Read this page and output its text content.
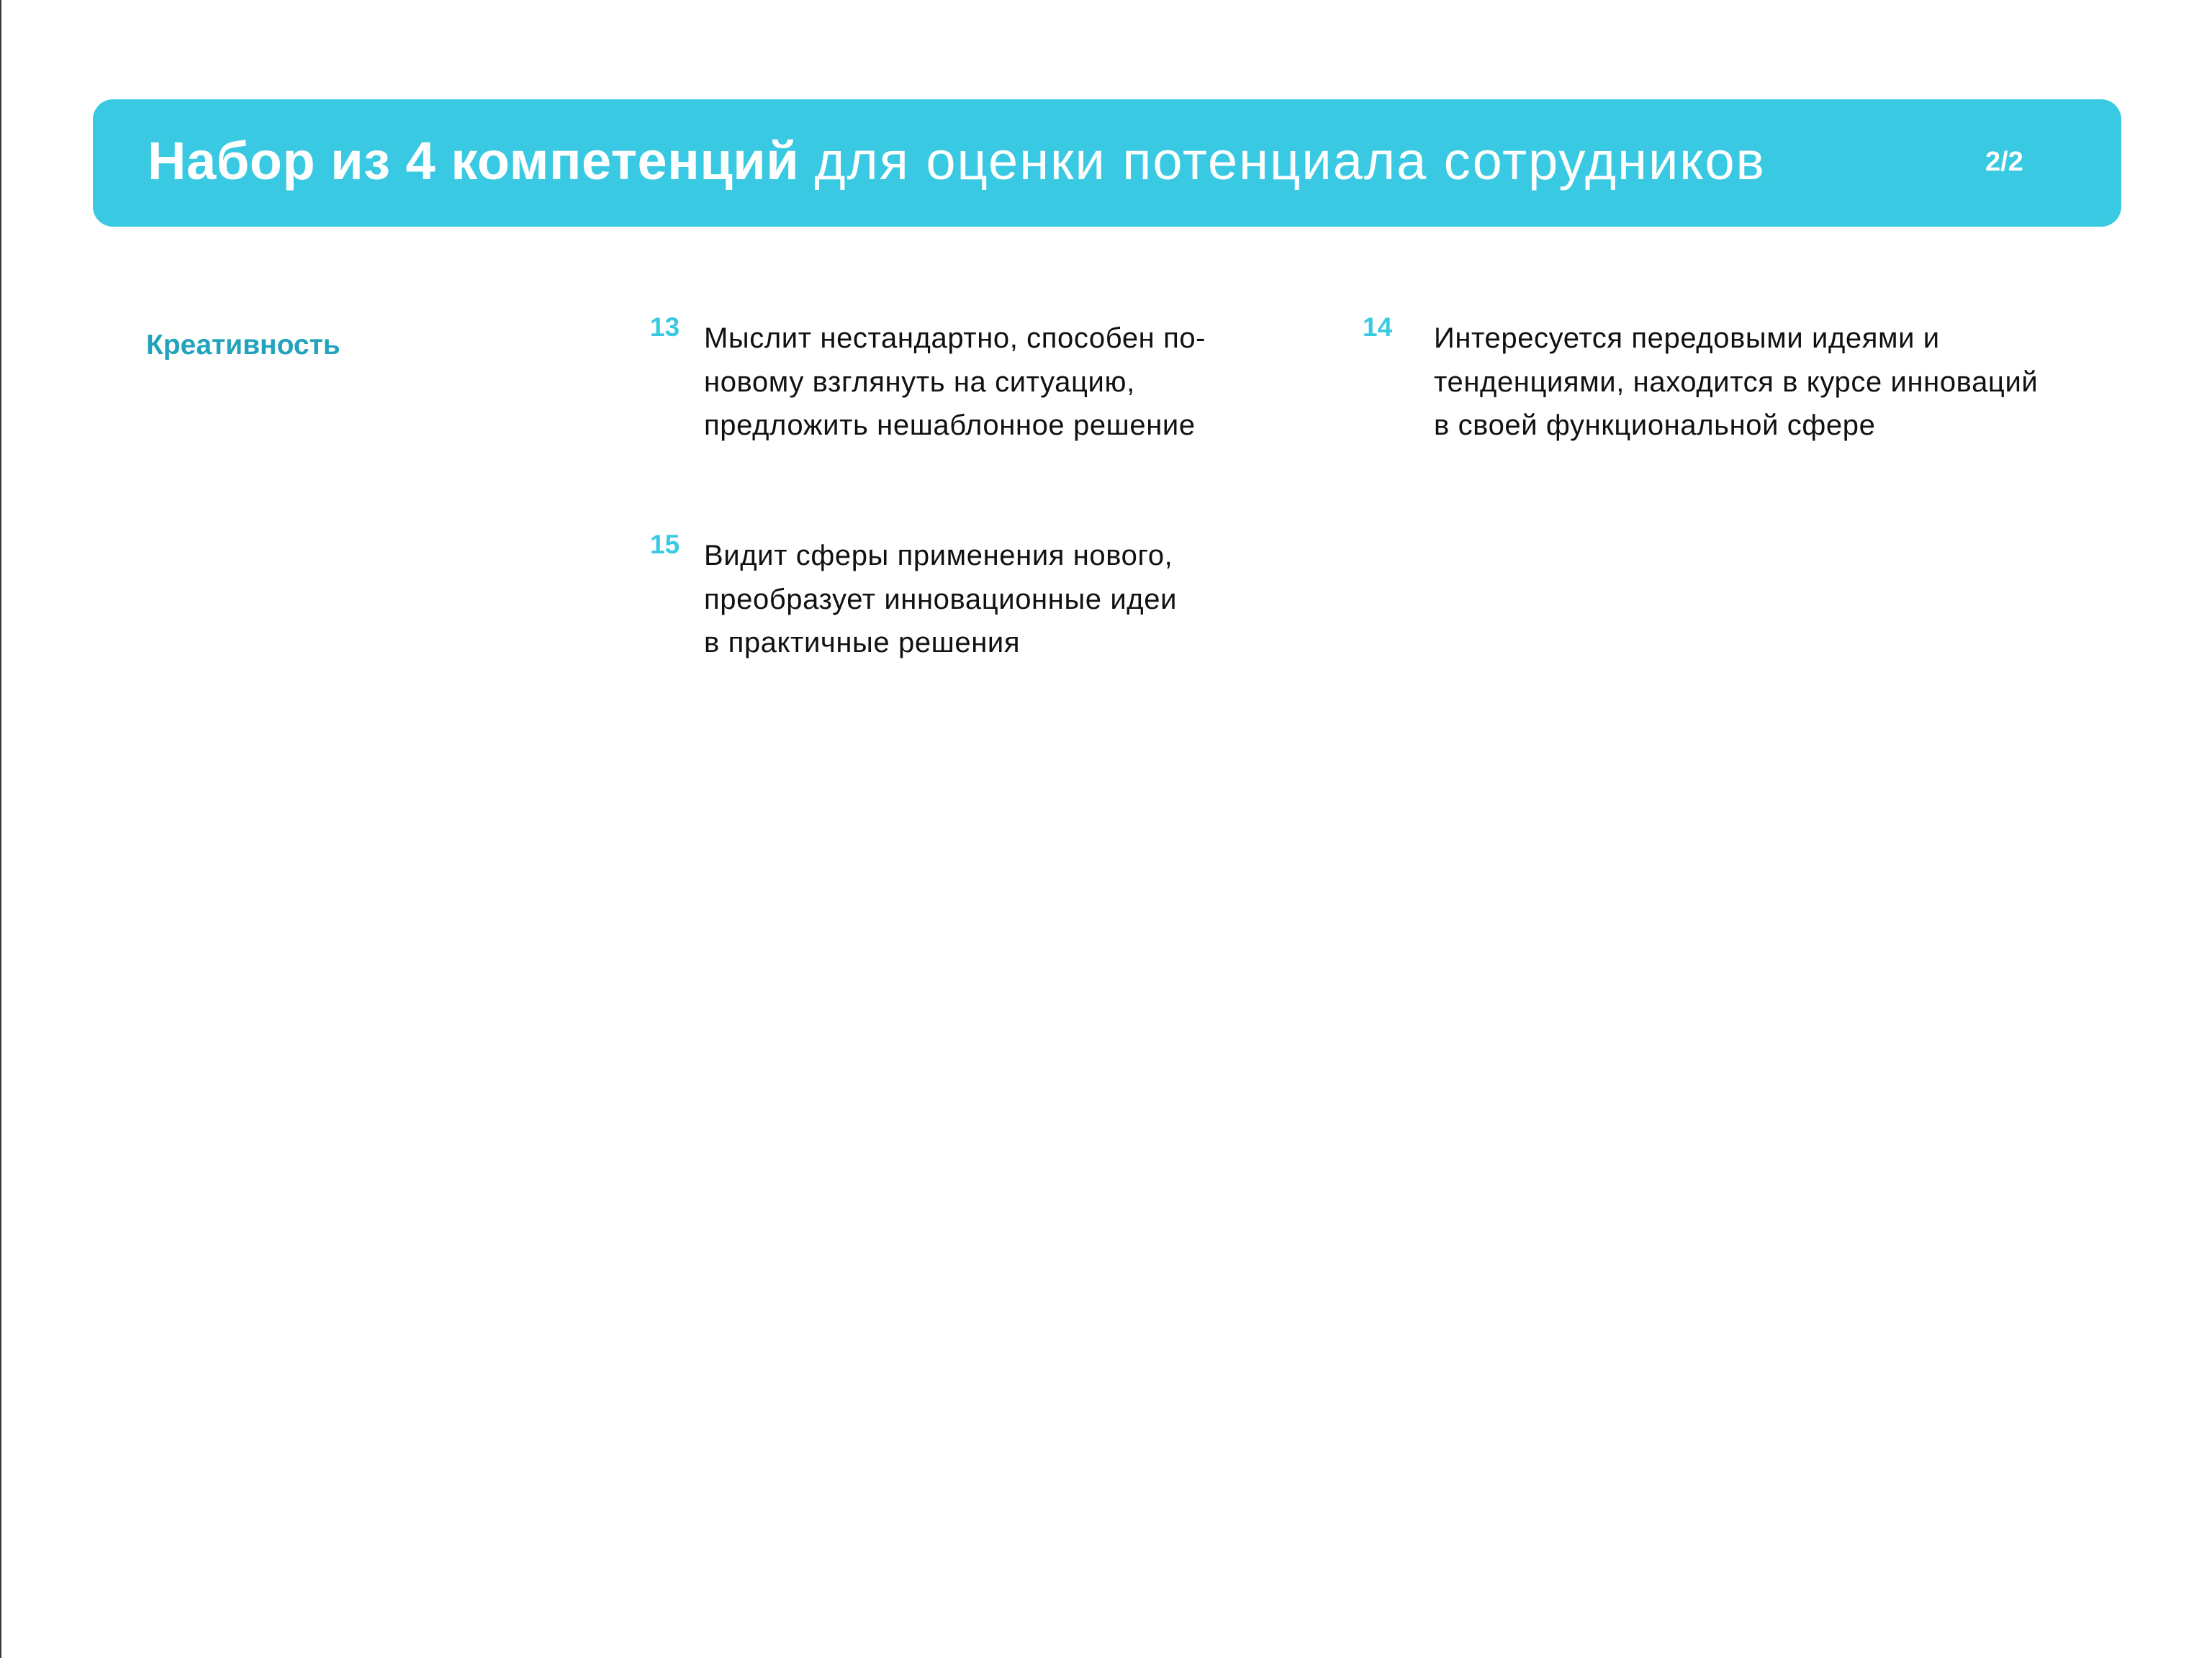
Набор из 4 компетенций для оценки потенциала сотрудников	2/2
Креативность
13 Мыслит нестандартно, способен по-
новому взглянуть на ситуацию,
предложить нешаблонное решение
14 Интересуется передовыми идеями и
тенденциями, находится в курсе инноваций
в своей функциональной сфере
15 Видит сферы применения нового,
преобразует инновационные идеи
в практичные решения
